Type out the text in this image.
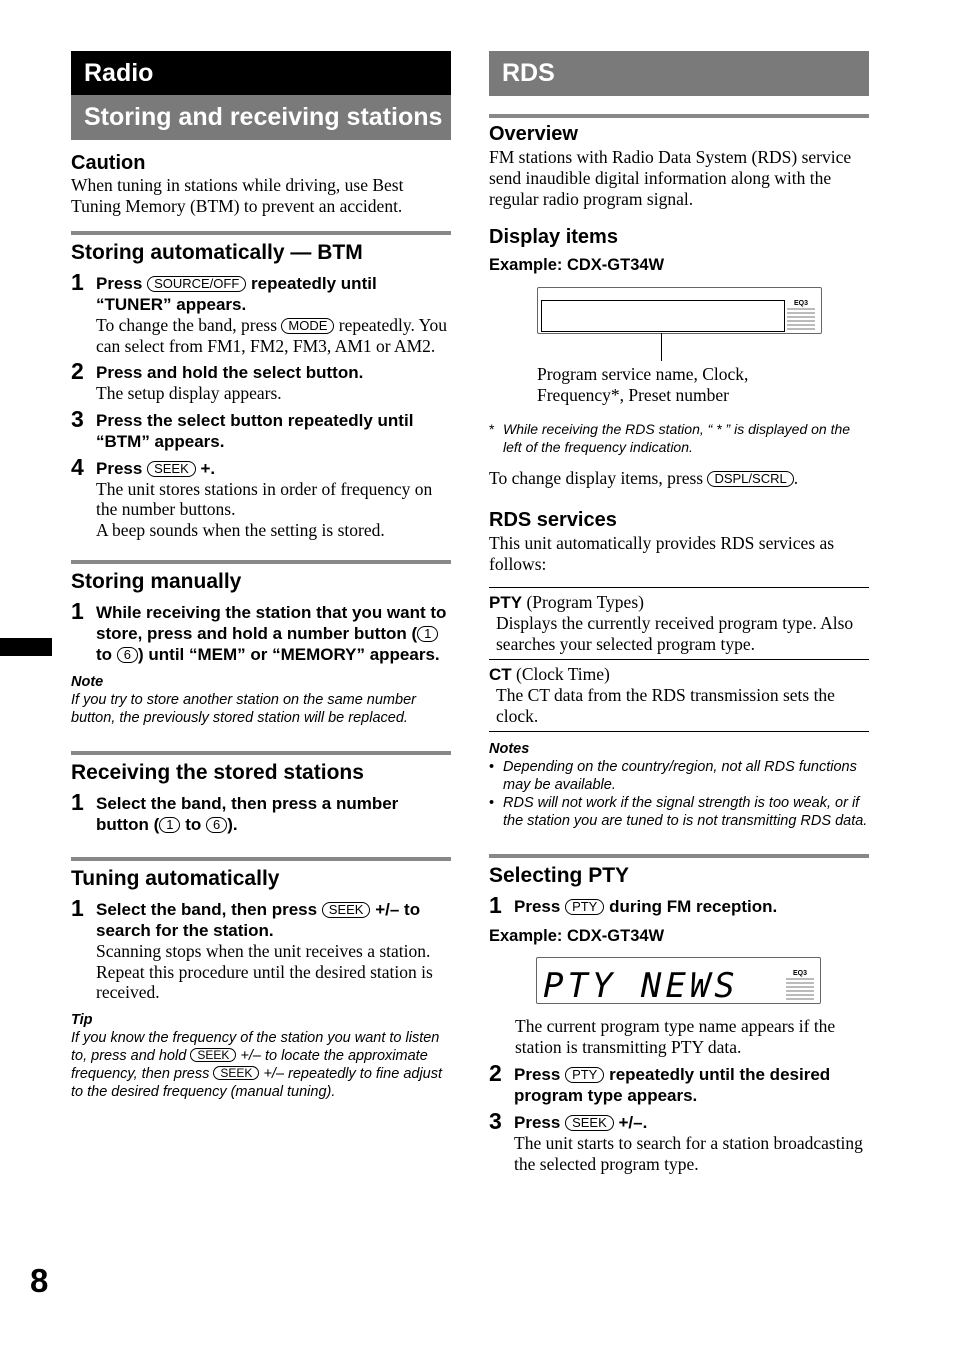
Radio
Storing and receiving stations
Caution

When tuning in stations while driving, use Best Tuning Memory (BTM) to prevent an accident.

Storing automatically — BTM
1 Press SOURCE/OFF repeatedly until “TUNER” appears.
To change the band, press MODE repeatedly. You can select from FM1, FM2, FM3, AM1 or AM2.
2 Press and hold the select button.
The setup display appears.
3 Press the select button repeatedly until “BTM” appears.
4 Press SEEK +.
The unit stores stations in order of frequency on the number buttons.
A beep sounds when the setting is stored.
Storing manually
1 While receiving the station that you want to store, press and hold a number button ( 1 to 6 ) until “MEM” or “MEMORY” appears.
Note
If you try to store another station on the same number button, the previously stored station will be replaced.
Receiving the stored stations
1 Select the band, then press a number button ( 1 to 6 ).
Tuning automatically
1 Select the band, then press SEEK +/– to search for the station.
Scanning stops when the unit receives a station. Repeat this procedure until the desired station is received.
Tip
If you know the frequency of the station you want to listen to, press and hold SEEK +/– to locate the approximate frequency, then press SEEK +/– repeatedly to fine adjust to the desired frequency (manual tuning).
RDS
Overview

FM stations with Radio Data System (RDS) service send inaudible digital information along with the regular radio program signal.

Display items
Example: CDX-GT34W
EQ3
Program service name, Clock, Frequency*, Preset number
* While receiving the RDS station, “ * ” is displayed on the left of the frequency indication.
To change display items, press DSPL/SCRL .
RDS services

This unit automatically provides RDS services as follows:

PTY (Program Types)
Displays the currently received program type. Also searches your selected program type.
CT (Clock Time)
The CT data from the RDS transmission sets the clock.
Notes
• Depending on the country/region, not all RDS functions may be available.
• RDS will not work if the signal strength is too weak, or if the station you are tuned to is not transmitting RDS data.
Selecting PTY
1 Press PTY during FM reception.
Example: CDX-GT34W
PTY NEWS	EQ3
The current program type name appears if the station is transmitting PTY data.
2 Press PTY repeatedly until the desired program type appears.
3 Press SEEK +/–.
The unit starts to search for a station broadcasting the selected program type.
8
